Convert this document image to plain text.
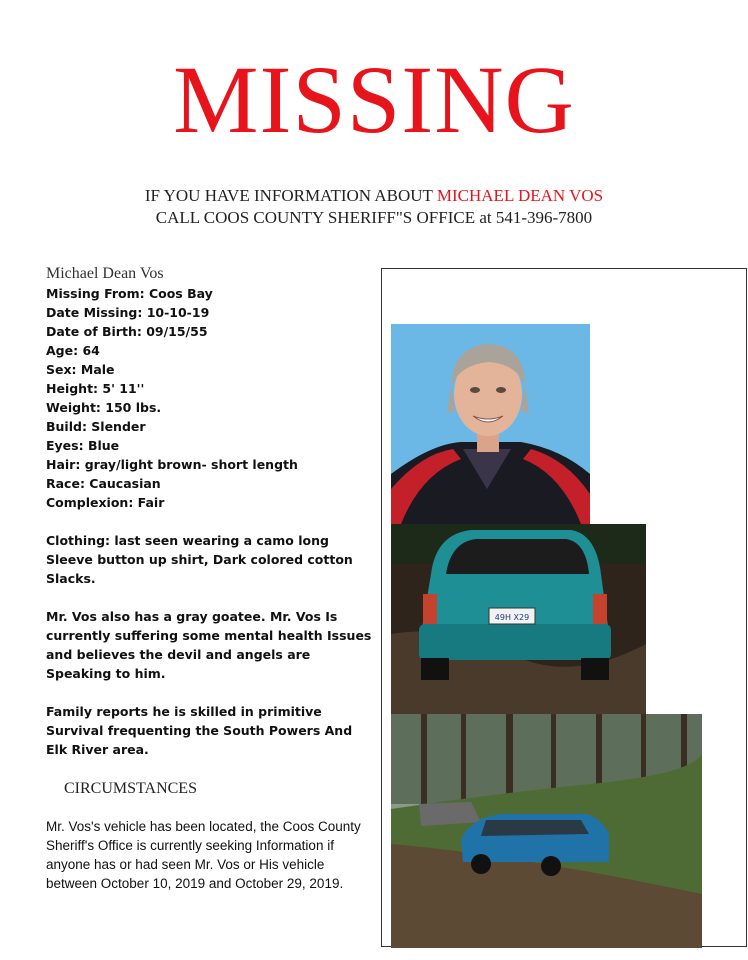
MISSING
IF YOU HAVE INFORMATION ABOUT MICHAEL DEAN VOS
CALL COOS COUNTY SHERIFF"S OFFICE at 541-396-7800
Michael Dean Vos
Missing From: Coos Bay
Date Missing: 10-10-19
Date of Birth: 09/15/55
Age: 64
Sex: Male
Height: 5' 11''
Weight: 150 lbs.
Build: Slender
Eyes: Blue
Hair: gray/light brown- short length
Race: Caucasian
Complexion: Fair
Clothing: last seen wearing a camo long Sleeve button up shirt, Dark colored cotton Slacks.
Mr. Vos also has a gray goatee. Mr. Vos Is currently suffering some mental health Issues and believes the devil and angels are Speaking to him.
Family reports he is skilled in primitive Survival frequenting the South Powers And Elk River area.
CIRCUMSTANCES
Mr. Vos's vehicle has been located, the Coos County Sheriff's Office is currently seeking Information if anyone has or had seen Mr. Vos or His vehicle between October 10, 2019 and October 29, 2019.
49H X29
